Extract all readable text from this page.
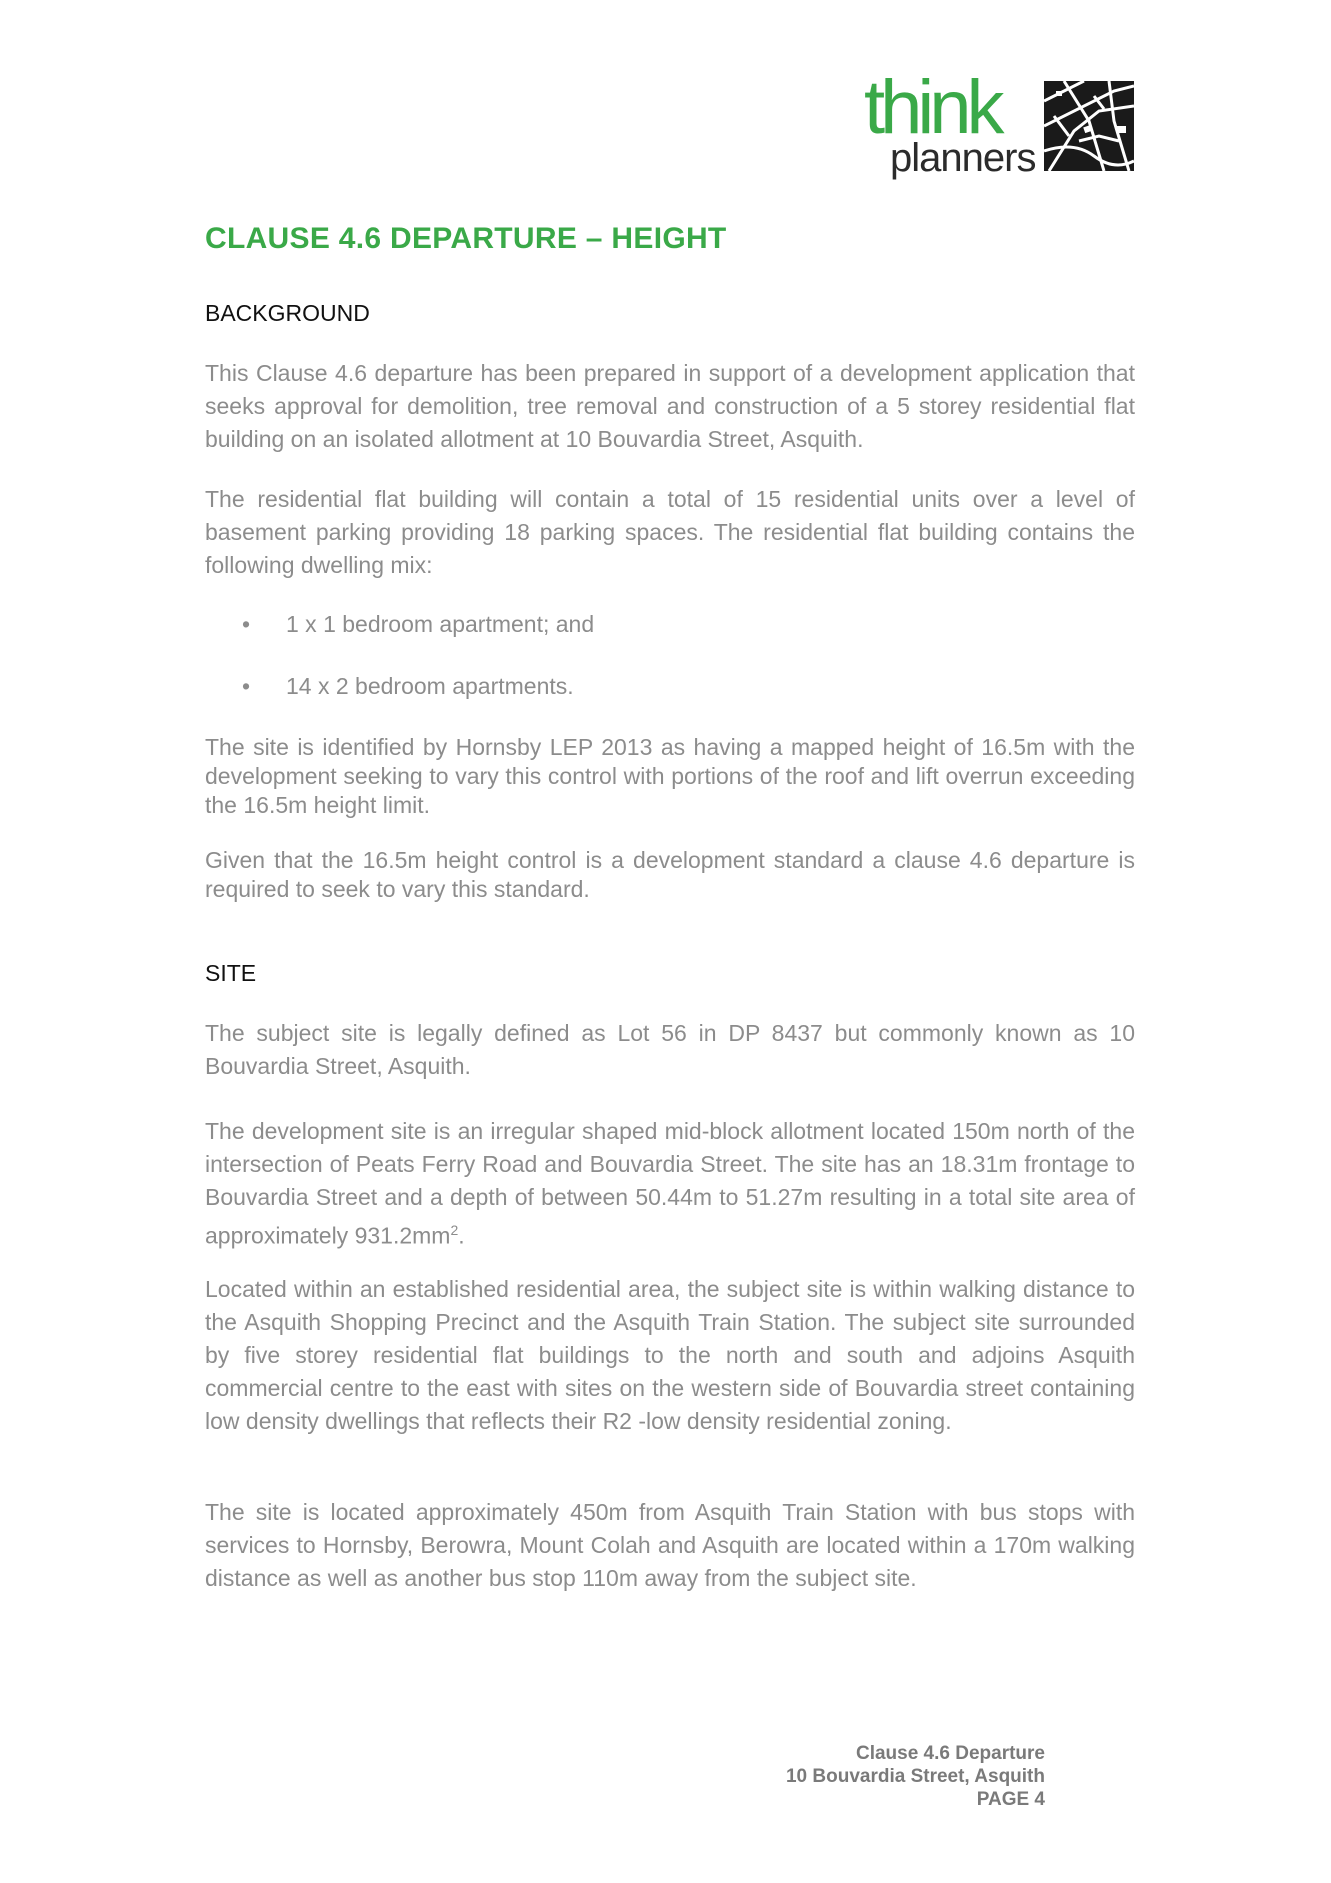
think
planners
CLAUSE 4.6 DEPARTURE – HEIGHT
BACKGROUND

This Clause 4.6 departure has been prepared in support of a development application that seeks approval for demolition, tree removal and construction of a 5 storey residential flat building on an isolated allotment at 10 Bouvardia Street, Asquith.

The residential flat building will contain a total of 15 residential units over a level of basement parking providing 18 parking spaces. The residential flat building contains the following dwelling mix:

• 1 x 1 bedroom apartment; and
• 14 x 2 bedroom apartments.

The site is identified by Hornsby LEP 2013 as having a mapped height of 16.5m with the development seeking to vary this control with portions of the roof and lift overrun exceeding the 16.5m height limit.

Given that the 16.5m height control is a development standard a clause 4.6 departure is required to seek to vary this standard.

SITE

The subject site is legally defined as Lot 56 in DP 8437 but commonly known as 10 Bouvardia Street, Asquith.

The development site is an irregular shaped mid-block allotment located 150m north of the intersection of Peats Ferry Road and Bouvardia Street. The site has an 18.31m frontage to Bouvardia Street and a depth of between 50.44m to 51.27m resulting in a total site area of approximately $931.2mm^2$.

Located within an established residential area, the subject site is within walking distance to the Asquith Shopping Precinct and the Asquith Train Station. The subject site surrounded by five storey residential flat buildings to the north and south and adjoins Asquith commercial centre to the east with sites on the western side of Bouvardia street containing low density dwellings that reflects their R2 -low density residential zoning.

The site is located approximately 450m from Asquith Train Station with bus stops with services to Hornsby, Berowra, Mount Colah and Asquith are located within a 170m walking distance as well as another bus stop 110m away from the subject site.

Clause 4.6 Departure
10 Bouvardia Street, Asquith
PAGE 4
